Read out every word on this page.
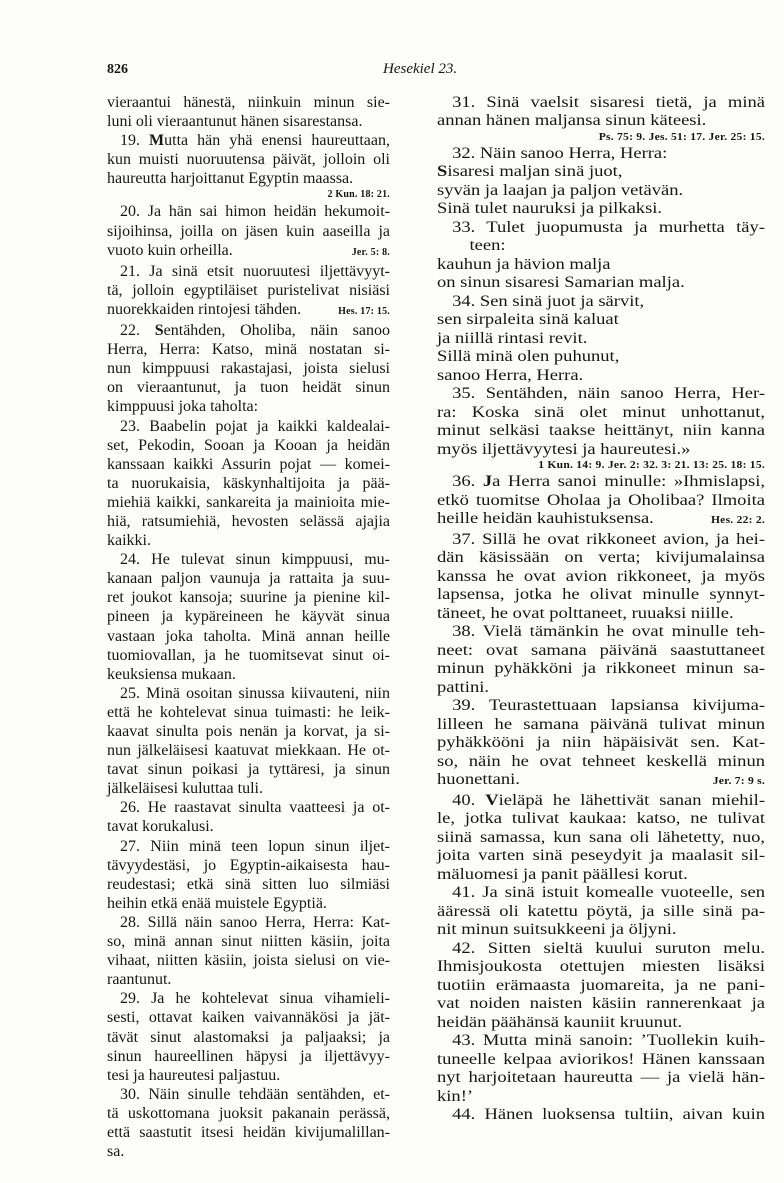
826	Hesekiel 23.
vieraantui hänestä, niinkuin minun sie-
luni oli vieraantunut hänen sisarestansa.
19. Mutta hän yhä enensi haureuttaan,
kun muisti nuoruutensa päivät, jolloin oli
haureutta harjoittanut Egyptin maassa.
2 Kun. 18: 21.
20. Ja hän sai himon heidän hekumoit-
sijoihinsa, joilla on jäsen kuin aaseilla ja
vuoto kuin orheilla.	Jer. 5: 8.
21. Ja sinä etsit nuoruutesi iljettävyyt-
tä, jolloin egyptiläiset puristelivat nisiäsi
nuorekkaiden rintojesi tähden.	Hes. 17: 15.
22. Sentähden, Oholiba, näin sanoo
Herra, Herra: Katso, minä nostatan si-
nun kimppuusi rakastajasi, joista sielusi
on vieraantunut, ja tuon heidät sinun
kimppuusi joka taholta:
23. Baabelin pojat ja kaikki kaldealai-
set, Pekodin, Sooan ja Kooan ja heidän
kanssaan kaikki Assurin pojat — komei-
ta nuorukaisia, käskynhaltijoita ja pää-
miehiä kaikki, sankareita ja mainioita mie-
hiä, ratsumiehiä, hevosten selässä ajajia
kaikki.
24. He tulevat sinun kimppuusi, mu-
kanaan paljon vaunuja ja rattaita ja suu-
ret joukot kansoja; suurine ja pienine kil-
pineen ja kypäreineen he käyvät sinua
vastaan joka taholta. Minä annan heille
tuomiovallan, ja he tuomitsevat sinut oi-
keuksiensa mukaan.
25. Minä osoitan sinussa kiivauteni, niin
että he kohtelevat sinua tuimasti: he leik-
kaavat sinulta pois nenän ja korvat, ja si-
nun jälkeläisesi kaatuvat miekkaan. He ot-
tavat sinun poikasi ja tyttäresi, ja sinun
jälkeläisesi kuluttaa tuli.
26. He raastavat sinulta vaatteesi ja ot-
tavat korukalusi.
27. Niin minä teen lopun sinun iljet-
tävyydestäsi, jo Egyptin-aikaisesta hau-
reudestasi; etkä sinä sitten luo silmiäsi
heihin etkä enää muistele Egyptiä.
28. Sillä näin sanoo Herra, Herra: Kat-
so, minä annan sinut niitten käsiin, joita
vihaat, niitten käsiin, joista sielusi on vie-
raantunut.
29. Ja he kohtelevat sinua vihamieli-
sesti, ottavat kaiken vaivannäkösi ja jät-
tävät sinut alastomaksi ja paljaaksi; ja
sinun haureellinen häpysi ja iljettävyy-
tesi ja haureutesi paljastuu.
30. Näin sinulle tehdään sentähden, et-
tä uskottomana juoksit pakanain perässä,
että saastutit itsesi heidän kivijumalillan-
sa.
31. Sinä vaelsit sisaresi tietä, ja minä
annan hänen maljansa sinun käteesi.
Ps. 75: 9. Jes. 51: 17. Jer. 25: 15.
32. Näin sanoo Herra, Herra:
Sisaresi maljan sinä juot,
syvän ja laajan ja paljon vetävän.
Sinä tulet nauruksi ja pilkaksi.
33. Tulet juopumusta ja murhetta täy-
teen:
kauhun ja hävion malja
on sinun sisaresi Samarian malja.
34. Sen sinä juot ja särvit,
sen sirpaleita sinä kaluat
ja niillä rintasi revit.
Sillä minä olen puhunut,
sanoo Herra, Herra.
35. Sentähden, näin sanoo Herra, Her-
ra: Koska sinä olet minut unhottanut,
minut selkäsi taakse heittänyt, niin kanna
myös iljettävyytesi ja haureutesi.»
1 Kun. 14: 9. Jer. 2: 32. 3: 21. 13: 25. 18: 15.
36. Ja Herra sanoi minulle: »Ihmislapsi,
etkö tuomitse Oholaa ja Oholibaa? Ilmoita
heille heidän kauhistuksensa.	Hes. 22: 2.
37. Sillä he ovat rikkoneet avion, ja hei-
dän käsissään on verta; kivijumalainsa
kanssa he ovat avion rikkoneet, ja myös
lapsensa, jotka he olivat minulle synnyt-
täneet, he ovat polttaneet, ruuaksi niille.
38. Vielä tämänkin he ovat minulle teh-
neet: ovat samana päivänä saastuttaneet
minun pyhäkköni ja rikkoneet minun sa-
pattini.
39. Teurastettuaan lapsiansa kivijuma-
lilleen he samana päivänä tulivat minun
pyhäkkööni ja niin häpäisivät sen. Kat-
so, näin he ovat tehneet keskellä minun
huonettani.	Jer. 7: 9 s.
40. Vieläpä he lähettivät sanan miehil-
le, jotka tulivat kaukaa: katso, ne tulivat
siinä samassa, kun sana oli lähetetty, nuo,
joita varten sinä peseydyit ja maalasit sil-
mäluomesi ja panit päällesi korut.
41. Ja sinä istuit komealle vuoteelle, sen
ääressä oli katettu pöytä, ja sille sinä pa-
nit minun suitsukkeeni ja öljyni.
42. Sitten sieltä kuului suruton melu.
Ihmisjoukosta otettujen miesten lisäksi
tuotiin erämaasta juomareita, ja ne pani-
vat noiden naisten käsiin rannerenkaat ja
heidän päähänsä kauniit kruunut.
43. Mutta minä sanoin: ’Tuollekin kuih-
tuneelle kelpaa aviorikos! Hänen kanssaan
nyt harjoitetaan haureutta — ja vielä hän-
kin!’
44. Hänen luoksensa tultiin, aivan kuin
